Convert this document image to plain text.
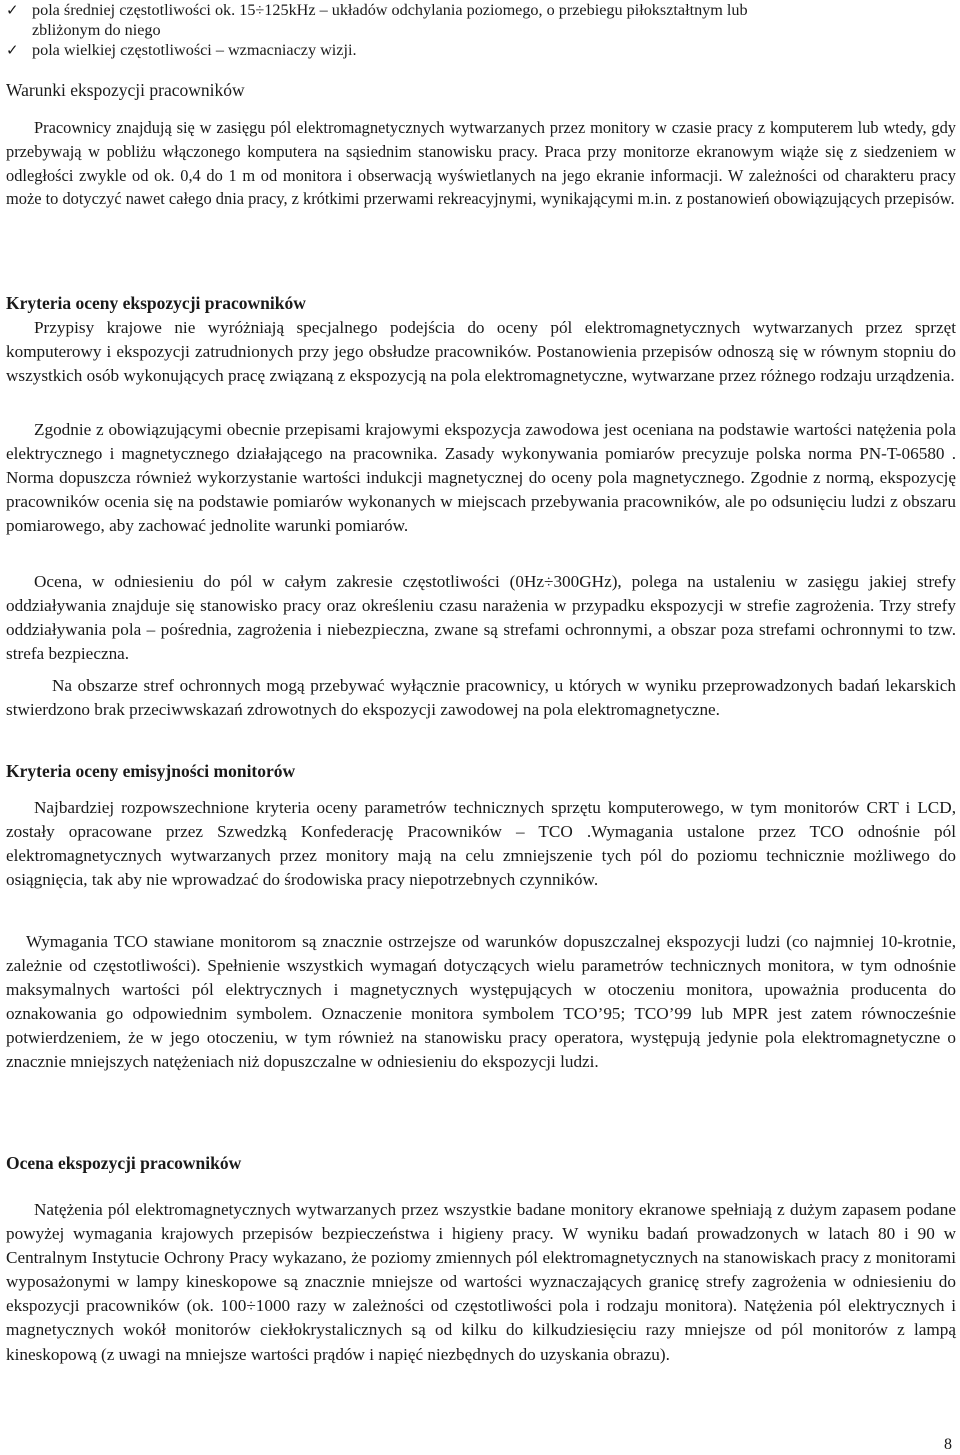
✓ pola średniej częstotliwości ok. 15÷125kHz – układów odchylania poziomego, o przebiegu piłokształtnym lub

zbliżonym do niego
✓ pola wielkiej częstotliwości – wzmacniaczy wizji.
Warunki ekspozycji pracowników
Pracownicy znajdują się w zasięgu pól elektromagnetycznych wytwarzanych przez monitory w czasie pracy z komputerem lub wtedy, gdy przebywają w pobliżu włączonego komputera na sąsiednim stanowisku pracy. Praca przy monitorze ekranowym wiąże się z siedzeniem w odległości zwykle od ok. 0,4 do 1 m od monitora i obserwacją wyświetlanych na jego ekranie informacji. W zależności od charakteru pracy może to dotyczyć nawet całego dnia pracy, z krótkimi przerwami rekreacyjnymi, wynikającymi m.in. z postanowień obowiązujących przepisów.
Kryteria oceny ekspozycji pracowników
Przypisy krajowe nie wyróżniają specjalnego podejścia do oceny pól elektromagnetycznych wytwarzanych przez sprzęt komputerowy i ekspozycji zatrudnionych przy jego obsłudze pracowników. Postanowienia przepisów odnoszą się w równym stopniu do wszystkich osób wykonujących pracę związaną z ekspozycją na pola elektromagnetyczne, wytwarzane przez różnego rodzaju urządzenia.
Zgodnie z obowiązującymi obecnie przepisami krajowymi ekspozycja zawodowa jest oceniana na podstawie wartości natężenia pola elektrycznego i magnetycznego działającego na pracownika. Zasady wykonywania pomiarów precyzuje polska norma PN-T-06580 . Norma dopuszcza również wykorzystanie wartości indukcji magnetycznej do oceny pola magnetycznego. Zgodnie z normą, ekspozycję pracowników ocenia się na podstawie pomiarów wykonanych w miejscach przebywania pracowników, ale po odsunięciu ludzi z obszaru pomiarowego, aby zachować jednolite warunki pomiarów.
Ocena, w odniesieniu do pól w całym zakresie częstotliwości (0Hz÷300GHz), polega na ustaleniu w zasięgu jakiej strefy oddziaływania znajduje się stanowisko pracy oraz określeniu czasu narażenia w przypadku ekspozycji w strefie zagrożenia. Trzy strefy oddziaływania pola – pośrednia, zagrożenia i niebezpieczna, zwane są strefami ochronnymi, a obszar poza strefami ochronnymi to tzw. strefa bezpieczna.
Na obszarze stref ochronnych mogą przebywać wyłącznie pracownicy, u których w wyniku przeprowadzonych badań lekarskich stwierdzono brak przeciwwskazań zdrowotnych do ekspozycji zawodowej na pola elektromagnetyczne.
Kryteria oceny emisyjności monitorów
Najbardziej rozpowszechnione kryteria oceny parametrów technicznych sprzętu komputerowego, w tym monitorów CRT i LCD, zostały opracowane przez Szwedzką Konfederację Pracowników – TCO .Wymagania ustalone przez TCO odnośnie pól elektromagnetycznych wytwarzanych przez monitory mają na celu zmniejszenie tych pól do poziomu technicznie możliwego do osiągnięcia, tak aby nie wprowadzać do środowiska pracy niepotrzebnych czynników.
Wymagania TCO stawiane monitorom są znacznie ostrzejsze od warunków dopuszczalnej ekspozycji ludzi (co najmniej 10-krotnie, zależnie od częstotliwości). Spełnienie wszystkich wymagań dotyczących wielu parametrów technicznych monitora, w tym odnośnie maksymalnych wartości pól elektrycznych i magnetycznych występujących w otoczeniu monitora, upoważnia producenta do oznakowania go odpowiednim symbolem. Oznaczenie monitora symbolem TCO’95; TCO’99 lub MPR jest zatem równocześnie potwierdzeniem, że w jego otoczeniu, w tym również na stanowisku pracy operatora, występują jedynie pola elektromagnetyczne o znacznie mniejszych natężeniach niż dopuszczalne w odniesieniu do ekspozycji ludzi.
Ocena ekspozycji pracowników
Natężenia pól elektromagnetycznych wytwarzanych przez wszystkie badane monitory ekranowe spełniają z dużym zapasem podane powyżej wymagania krajowych przepisów bezpieczeństwa i higieny pracy. W wyniku badań prowadzonych w latach 80 i 90 w Centralnym Instytucie Ochrony Pracy wykazano, że poziomy zmiennych pól elektromagnetycznych na stanowiskach pracy z monitorami wyposażonymi w lampy kineskopowe są znacznie mniejsze od wartości wyznaczających granicę strefy zagrożenia w odniesieniu do ekspozycji pracowników (ok. 100÷1000 razy w zależności od częstotliwości pola i rodzaju monitora). Natężenia pól elektrycznych i magnetycznych wokół monitorów ciekłokrystalicznych są od kilku do kilkudziesięciu razy mniejsze od pól monitorów z lampą kineskopową (z uwagi na mniejsze wartości prądów i napięć niezbędnych do uzyskania obrazu).
8
